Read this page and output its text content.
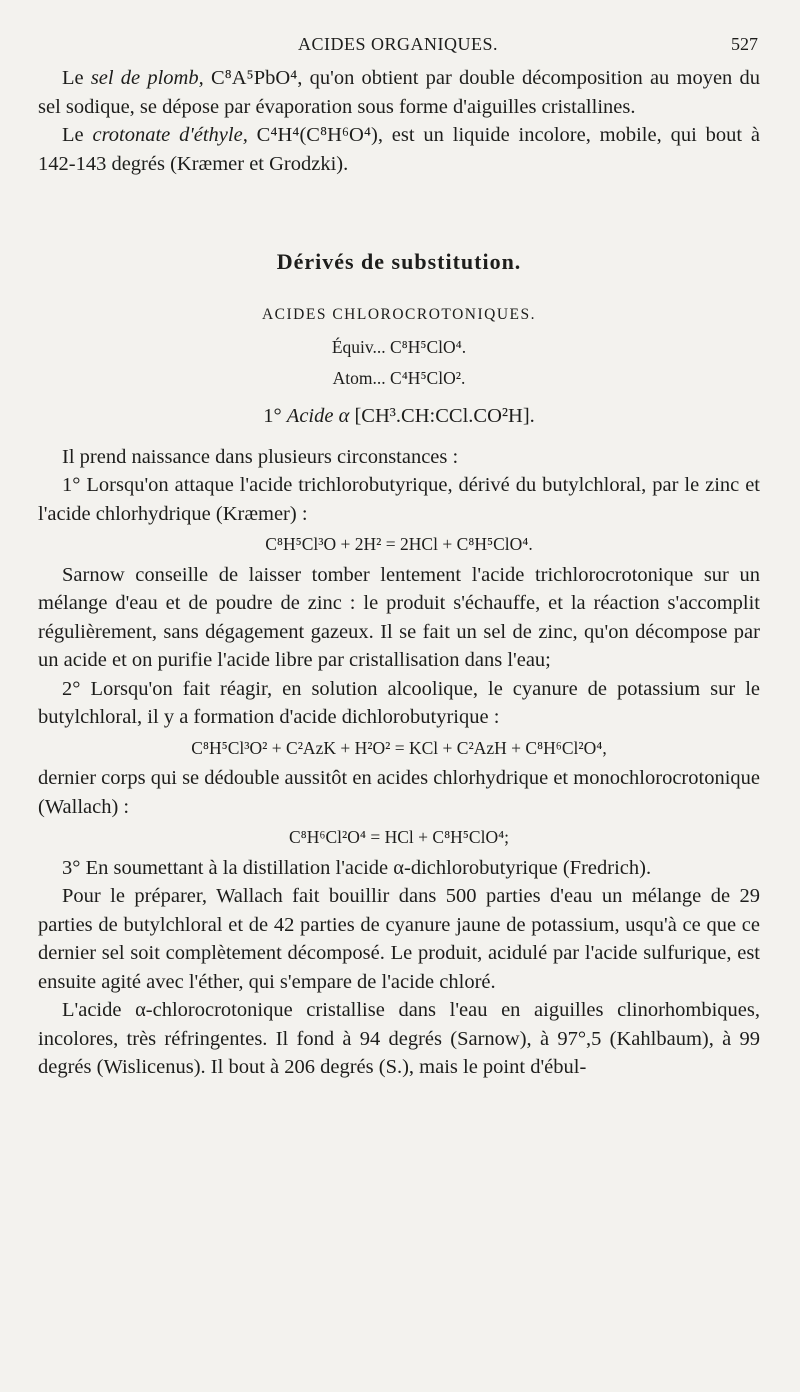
ACIDES ORGANIQUES.	527

Le sel de plomb, C⁸A⁵PbO⁴, qu'on obtient par double décomposition au moyen du sel sodique, se dépose par évaporation sous forme d'aiguilles cristallines.

Le crotonate d'éthyle, C⁴H⁴(C⁸H⁶O⁴), est un liquide incolore, mobile, qui bout à 142-143 degrés (Kræmer et Grodzki).

Dérivés de substitution.
ACIDES CHLOROCROTONIQUES.
Équiv... C⁸H⁵ClO⁴.
Atom... C⁴H⁵ClO².
1° Acide α [CH³.CH:CCl.CO²H].

Il prend naissance dans plusieurs circonstances :

1° Lorsqu'on attaque l'acide trichlorobutyrique, dérivé du butylchloral, par le zinc et l'acide chlorhydrique (Kræmer) :

C⁸H⁵Cl³O + 2H² = 2HCl + C⁸H⁵ClO⁴.

Sarnow conseille de laisser tomber lentement l'acide trichlorocrotonique sur un mélange d'eau et de poudre de zinc : le produit s'échauffe, et la réaction s'accomplit régulièrement, sans dégagement gazeux. Il se fait un sel de zinc, qu'on décompose par un acide et on purifie l'acide libre par cristallisation dans l'eau;

2° Lorsqu'on fait réagir, en solution alcoolique, le cyanure de potassium sur le butylchloral, il y a formation d'acide dichlorobutyrique :

C⁸H⁵Cl³O² + C²AzK + H²O² = KCl + C²AzH + C⁸H⁶Cl²O⁴,

dernier corps qui se dédouble aussitôt en acides chlorhydrique et monochlorocrotonique (Wallach) :

C⁸H⁶Cl²O⁴ = HCl + C⁸H⁵ClO⁴;

3° En soumettant à la distillation l'acide α-dichlorobutyrique (Fredrich).

Pour le préparer, Wallach fait bouillir dans 500 parties d'eau un mélange de 29 parties de butylchloral et de 42 parties de cyanure jaune de potassium, usqu'à ce que ce dernier sel soit complètement décomposé. Le produit, acidulé par l'acide sulfurique, est ensuite agité avec l'éther, qui s'empare de l'acide chloré.

L'acide α-chlorocrotonique cristallise dans l'eau en aiguilles clinorhombiques, incolores, très réfringentes. Il fond à 94 degrés (Sarnow), à 97°,5 (Kahlbaum), à 99 degrés (Wislicenus). Il bout à 206 degrés (S.), mais le point d'ébul-
